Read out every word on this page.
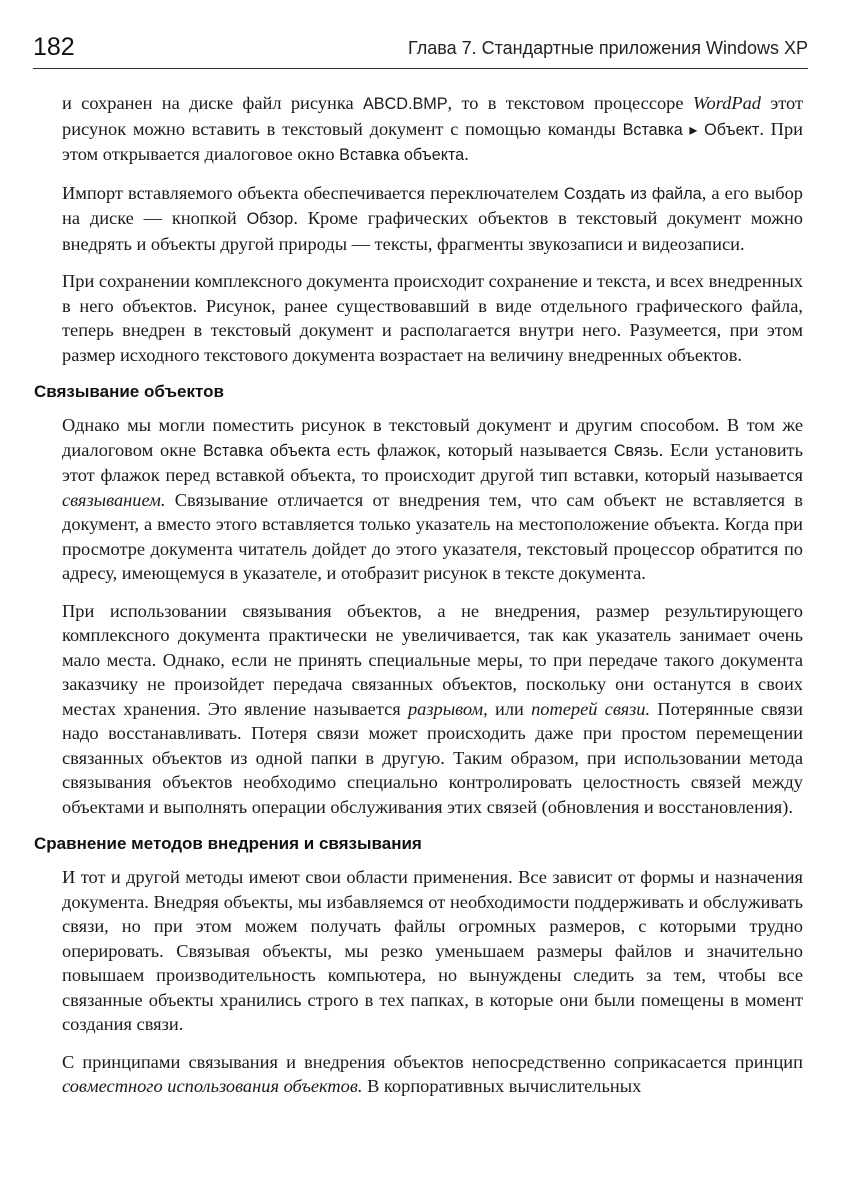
182	Глава 7. Стандартные приложения Windows XP

и сохранен на диске файл рисунка ABCD.BMP, то в текстовом процессоре WordPad этот рисунок можно вставить в текстовый документ с помощью команды Вставка ▸ Объект. При этом открывается диалоговое окно Вставка объекта.

Импорт вставляемого объекта обеспечивается переключателем Создать из файла, а его выбор на диске — кнопкой Обзор. Кроме графических объектов в текстовый документ можно внедрять и объекты другой природы — тексты, фрагменты звукозаписи и видеозаписи.

При сохранении комплексного документа происходит сохранение и текста, и всех внедренных в него объектов. Рисунок, ранее существовавший в виде отдельного графического файла, теперь внедрен в текстовый документ и располагается внутри него. Разумеется, при этом размер исходного текстового документа возрастает на величину внедренных объектов.

Связывание объектов

Однако мы могли поместить рисунок в текстовый документ и другим способом. В том же диалоговом окне Вставка объекта есть флажок, который называется Связь. Если установить этот флажок перед вставкой объекта, то происходит другой тип вставки, который называется связыванием. Связывание отличается от внедрения тем, что сам объект не вставляется в документ, а вместо этого вставляется только указатель на местоположение объекта. Когда при просмотре документа читатель дойдет до этого указателя, текстовый процессор обратится по адресу, имеющемуся в указателе, и отобразит рисунок в тексте документа.

При использовании связывания объектов, а не внедрения, размер результирующего комплексного документа практически не увеличивается, так как указатель занимает очень мало места. Однако, если не принять специальные меры, то при передаче такого документа заказчику не произойдет передача связанных объектов, поскольку они останутся в своих местах хранения. Это явление называется разрывом, или потерей связи. Потерянные связи надо восстанавливать. Потеря связи может происходить даже при простом перемещении связанных объектов из одной папки в другую. Таким образом, при использовании метода связывания объектов необходимо специально контролировать целостность связей между объектами и выполнять операции обслуживания этих связей (обновления и восстановления).

Сравнение методов внедрения и связывания

И тот и другой методы имеют свои области применения. Все зависит от формы и назначения документа. Внедряя объекты, мы избавляемся от необходимости поддерживать и обслуживать связи, но при этом можем получать файлы огромных размеров, с которыми трудно оперировать. Связывая объекты, мы резко уменьшаем размеры файлов и значительно повышаем производительность компьютера, но вынуждены следить за тем, чтобы все связанные объекты хранились строго в тех папках, в которые они были помещены в момент создания связи.

С принципами связывания и внедрения объектов непосредственно соприкасается принцип совместного использования объектов. В корпоративных вычислительных
